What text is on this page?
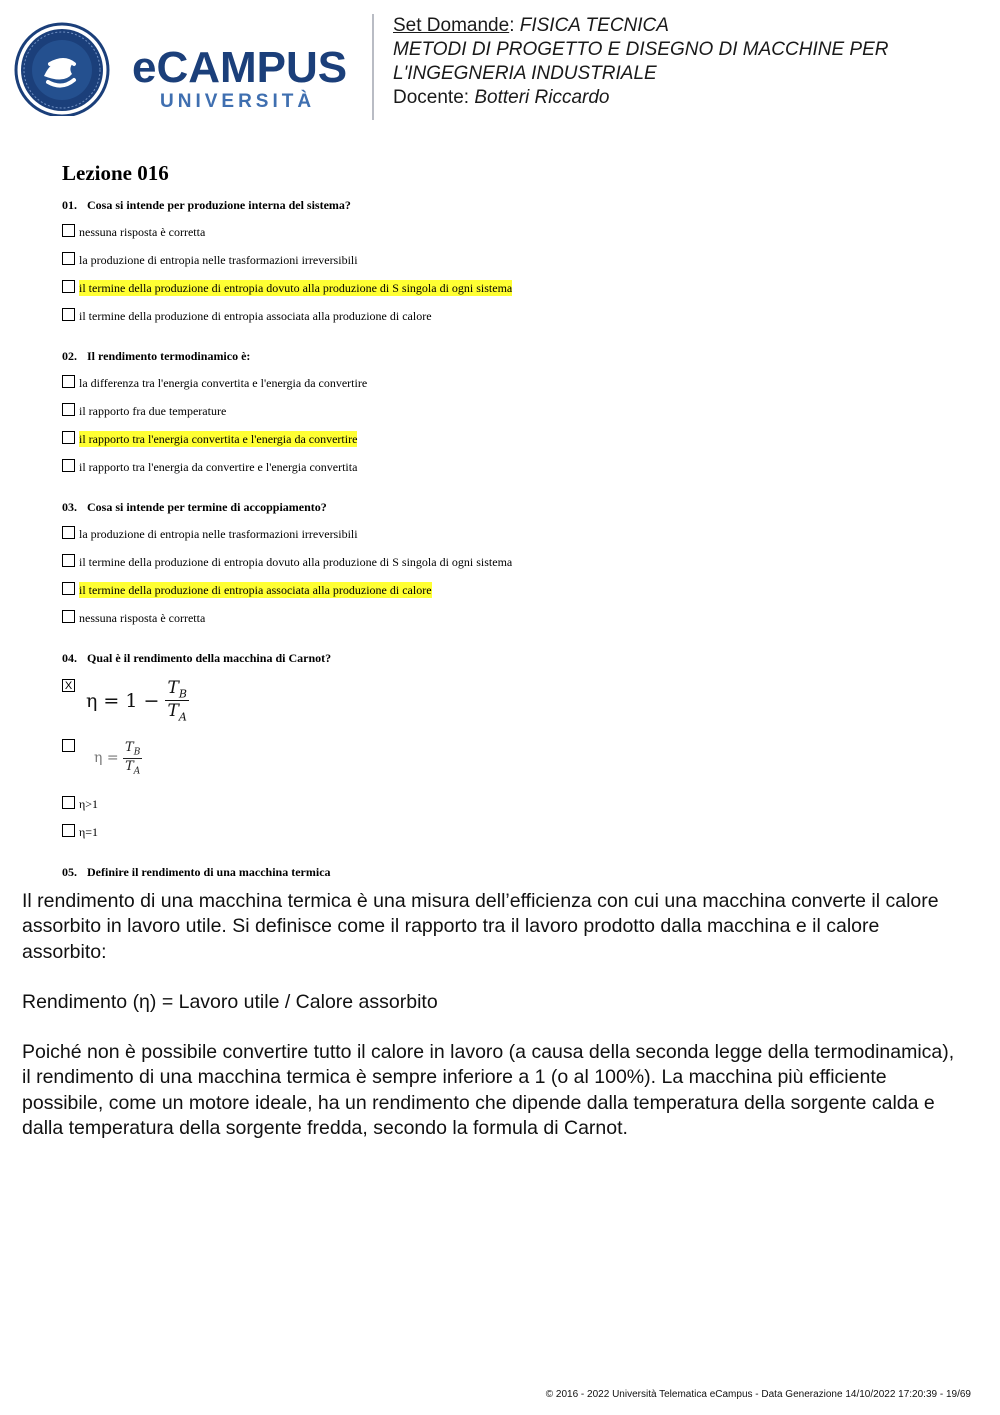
eCAMPUS
UNIVERSITÀ
Set Domande: FISICA TECNICA
METODI DI PROGETTO E DISEGNO DI MACCHINE PER L'INGEGNERIA INDUSTRIALE
Docente: Botteri Riccardo
Lezione 016
01. Cosa si intende per produzione interna del sistema?
nessuna risposta è corretta
la produzione di entropia nelle trasformazioni irreversibili
il termine della produzione di entropia dovuto alla produzione di S singola di ogni sistema
il termine della produzione di entropia associata alla produzione di calore
02. Il rendimento termodinamico è:
la differenza tra l'energia convertita e l'energia da convertire
il rapporto fra due temperature
il rapporto tra l'energia convertita e l'energia da convertire
il rapporto tra l'energia da convertire e l'energia convertita
03. Cosa si intende per termine di accoppiamento?
la produzione di entropia nelle trasformazioni irreversibili
il termine della produzione di entropia dovuto alla produzione di S singola di ogni sistema
il termine della produzione di entropia associata alla produzione di calore
nessuna risposta è corretta
04. Qual è il rendimento della macchina di Carnot?
X
$\eta = 1 - \frac{T_B}{T_A}$
$\eta = \frac{T_B}{T_A}$
η>1
η=1
05. Definire il rendimento di una macchina termica

Il rendimento di una macchina termica è una misura dell’efficienza con cui una macchina converte il calore assorbito in lavoro utile. Si definisce come il rapporto tra il lavoro prodotto dalla macchina e il calore assorbito:

Rendimento (η) = Lavoro utile / Calore assorbito

Poiché non è possibile convertire tutto il calore in lavoro (a causa della seconda legge della termodinamica), il rendimento di una macchina termica è sempre inferiore a 1 (o al 100%). La macchina più efficiente possibile, come un motore ideale, ha un rendimento che dipende dalla temperatura della sorgente calda e dalla temperatura della sorgente fredda, secondo la formula di Carnot.

© 2016 - 2022 Università Telematica eCampus - Data Generazione 14/10/2022 17:20:39 - 19/69
